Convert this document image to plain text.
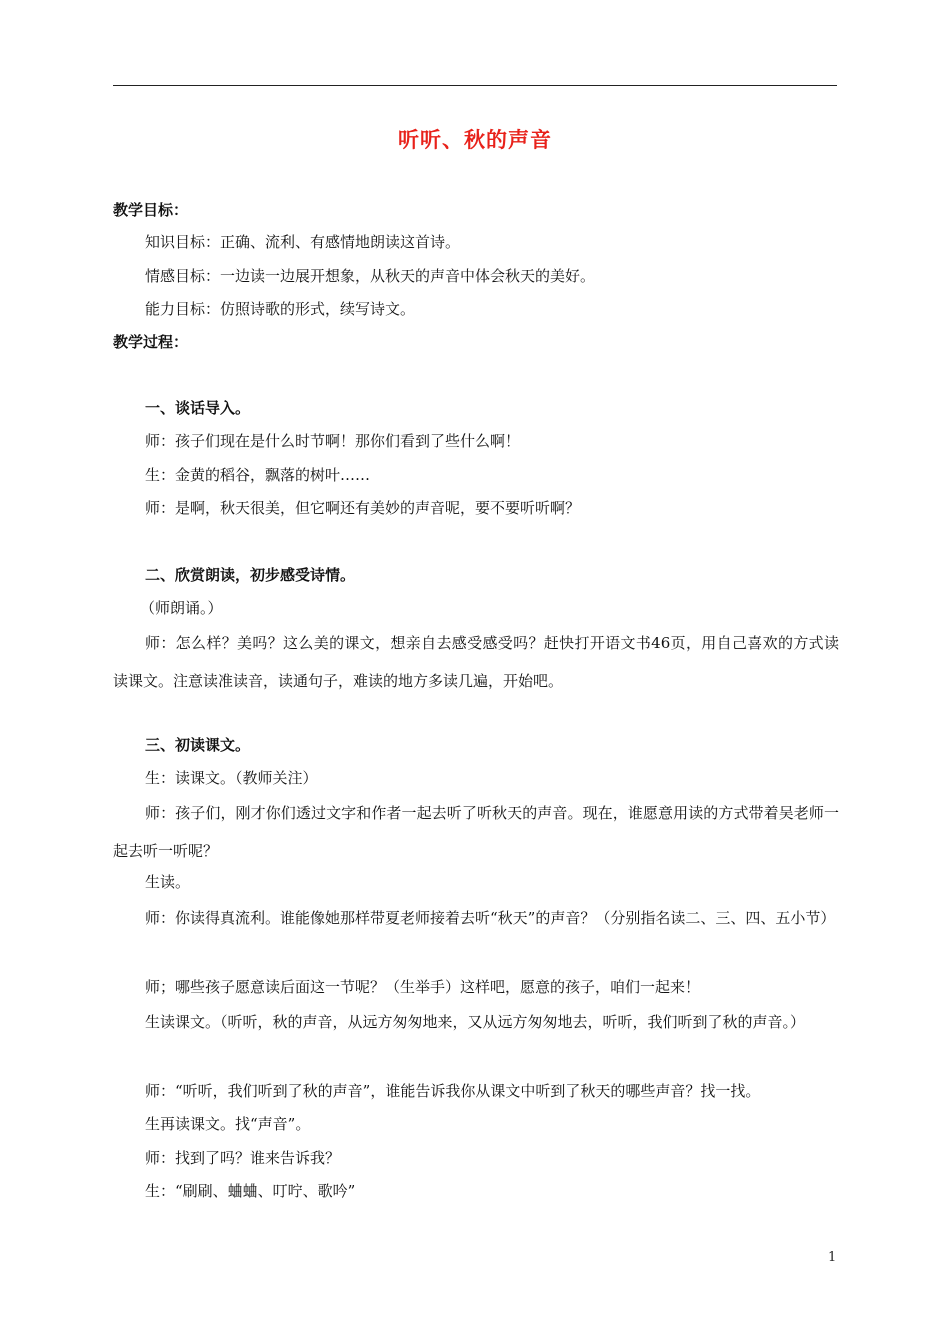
听听、秋的声音
教学目标：
知识目标：正确、流利、有感情地朗读这首诗。
情感目标：一边读一边展开想象，从秋天的声音中体会秋天的美好。
能力目标：仿照诗歌的形式，续写诗文。
教学过程：
一、谈话导入。
师：孩子们现在是什么时节啊！那你们看到了些什么啊！
生：金黄的稻谷，飘落的树叶……
师：是啊，秋天很美，但它啊还有美妙的声音呢，要不要听听啊？
二、欣赏朗读，初步感受诗情。
（师朗诵。）
师：怎么样？美吗？这么美的课文，想亲自去感受感受吗？赶快打开语文书46页，用自己喜欢的方式读读课文。注意读准读音，读通句子，难读的地方多读几遍，开始吧。
三、初读课文。
生：读课文。（教师关注）
师：孩子们，刚才你们透过文字和作者一起去听了听秋天的声音。现在，谁愿意用读的方式带着吴老师一起去听一听呢？
生读。
师：你读得真流利。谁能像她那样带夏老师接着去听“秋天”的声音？（分别指名读二、三、四、五小节）
师；哪些孩子愿意读后面这一节呢？（生举手）这样吧，愿意的孩子，咱们一起来！
生读课文。（听听，秋的声音，从远方匆匆地来，又从远方匆匆地去，听听，我们听到了秋的声音。）
师：“听听，我们听到了秋的声音”，谁能告诉我你从课文中听到了秋天的哪些声音？找一找。
生再读课文。找“声音”。
师：找到了吗？谁来告诉我？
生：“刷刷、蛐蛐、叮咛、歌吟”
1
